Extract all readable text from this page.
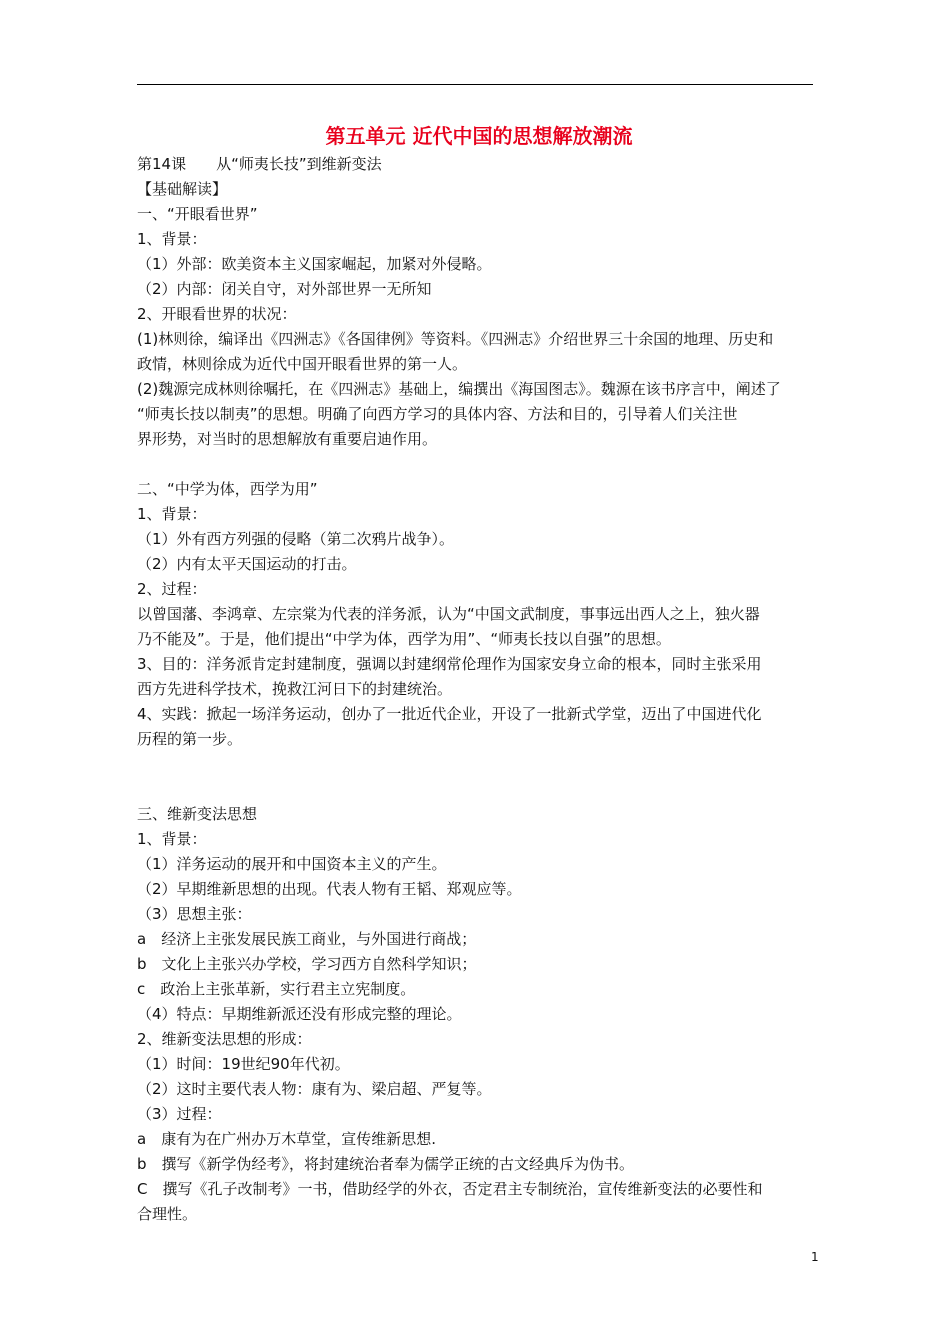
第五单元 近代中国的思想解放潮流
第14课　　从“师夷长技”到维新变法
【基础解读】
一、“开眼看世界”
1、背景：
（1）外部：欧美资本主义国家崛起，加紧对外侵略。
（2）内部：闭关自守，对外部世界一无所知
2、开眼看世界的状况：
(1)林则徐，编译出《四洲志》《各国律例》等资料。《四洲志》介绍世界三十余国的地理、历史和
政情，林则徐成为近代中国开眼看世界的第一人。
(2)魏源完成林则徐嘱托，在《四洲志》基础上，编撰出《海国图志》。魏源在该书序言中，阐述了
“师夷长技以制夷”的思想。明确了向西方学习的具体内容、方法和目的，引导着人们关注世
界形势，对当时的思想解放有重要启迪作用。
二、“中学为体，西学为用”
1、背景：
（1）外有西方列强的侵略（第二次鸦片战争）。
（2）内有太平天国运动的打击。
2、过程：
以曾国藩、李鸿章、左宗棠为代表的洋务派，认为“中国文武制度，事事远出西人之上，独火器
乃不能及”。于是，他们提出“中学为体，西学为用”、“师夷长技以自强”的思想。
3、目的：洋务派肯定封建制度，强调以封建纲常伦理作为国家安身立命的根本，同时主张采用
西方先进科学技术，挽救江河日下的封建统治。
4、实践：掀起一场洋务运动，创办了一批近代企业，开设了一批新式学堂，迈出了中国进代化
历程的第一步。
三、维新变法思想
1、背景：
（1）洋务运动的展开和中国资本主义的产生。
（2）早期维新思想的出现。代表人物有王韬、郑观应等。
（3）思想主张：
a　经济上主张发展民族工商业，与外国进行商战；
b　文化上主张兴办学校，学习西方自然科学知识；
c　政治上主张革新，实行君主立宪制度。
（4）特点：早期维新派还没有形成完整的理论。
2、维新变法思想的形成：
（1）时间：19世纪90年代初。
（2）这时主要代表人物：康有为、梁启超、严复等。
（3）过程：
a　康有为在广州办万木草堂，宣传维新思想.
b　撰写《新学伪经考》，将封建统治者奉为儒学正统的古文经典斥为伪书。
C　撰写《孔子改制考》一书，借助经学的外衣，否定君主专制统治，宣传维新变法的必要性和
合理性。
1
